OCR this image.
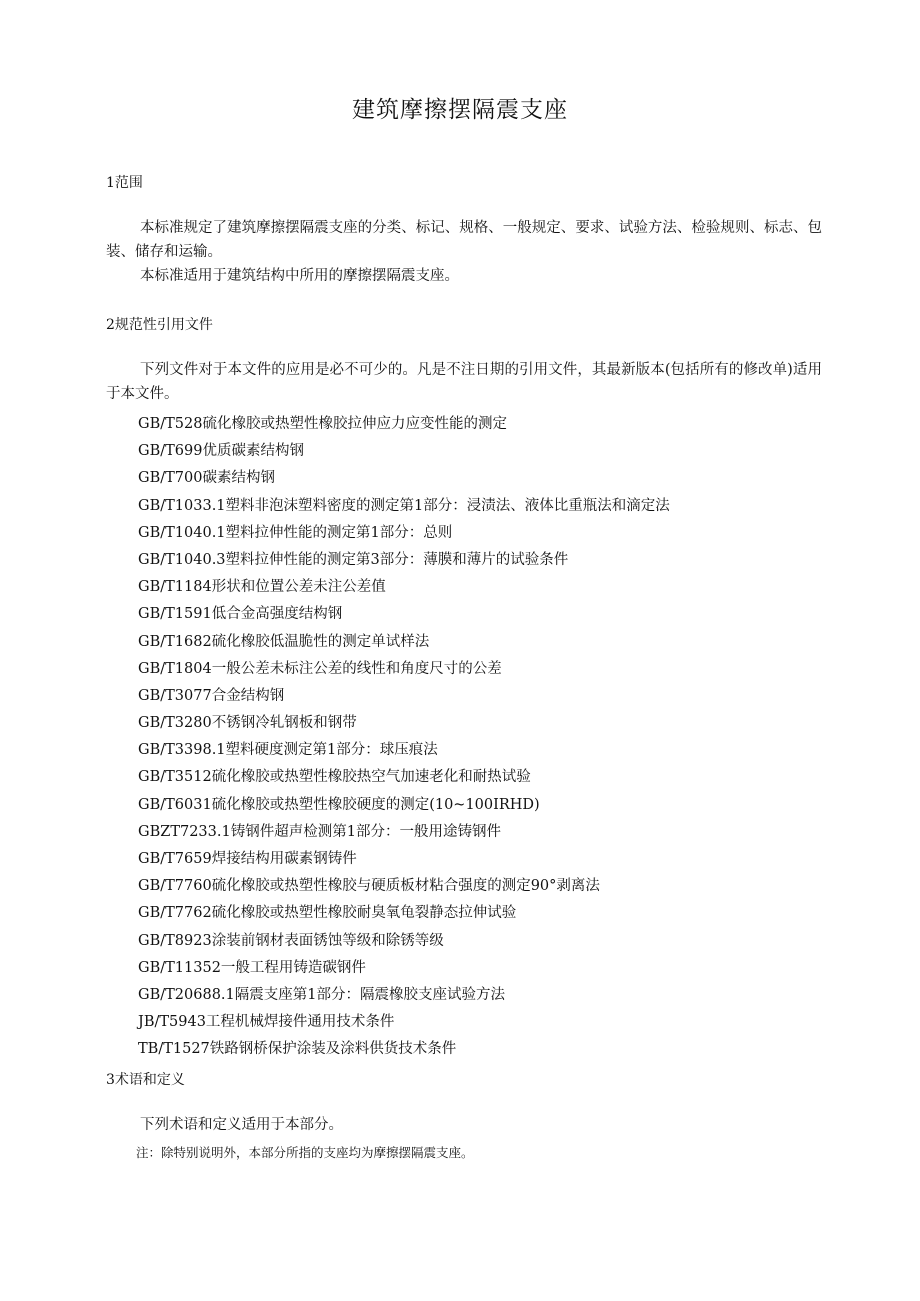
建筑摩擦摆隔震支座
1范围
本标准规定了建筑摩擦摆隔震支座的分类、标记、规格、一般规定、要求、试验方法、检验规则、标志、包装、储存和运输。
本标准适用于建筑结构中所用的摩擦摆隔震支座。
2规范性引用文件
下列文件对于本文件的应用是必不可少的。凡是不注日期的引用文件，其最新版本(包括所有的修改单)适用于本文件。
GB/T528硫化橡胶或热塑性橡胶拉伸应力应变性能的测定
GB/T699优质碳素结构钢
GB/T700碳素结构钢
GB/T1033.1塑料非泡沫塑料密度的测定第1部分：浸渍法、液体比重瓶法和滴定法
GB/T1040.1塑料拉伸性能的测定第1部分：总则
GB/T1040.3塑料拉伸性能的测定第3部分：薄膜和薄片的试验条件
GB/T1184形状和位置公差未注公差值
GB/T1591低合金高强度结构钢
GB/T1682硫化橡胶低温脆性的测定单试样法
GB/T1804一般公差未标注公差的线性和角度尺寸的公差
GB/T3077合金结构钢
GB/T3280不锈钢冷轧钢板和钢带
GB/T3398.1塑料硬度测定第1部分：球压痕法
GB/T3512硫化橡胶或热塑性橡胶热空气加速老化和耐热试验
GB/T6031硫化橡胶或热塑性橡胶硬度的测定(10~100IRHD)
GBZT7233.1铸钢件超声检测第1部分：一般用途铸钢件
GB/T7659焊接结构用碳素钢铸件
GB/T7760硫化橡胶或热塑性橡胶与硬质板材粘合强度的测定90°剥离法
GB/T7762硫化橡胶或热塑性橡胶耐臭氧龟裂静态拉伸试验
GB/T8923涂装前钢材表面锈蚀等级和除锈等级
GB/T11352一般工程用铸造碳钢件
GB/T20688.1隔震支座第1部分：隔震橡胶支座试验方法
JB/T5943工程机械焊接件通用技术条件
TB/T1527铁路钢桥保护涂装及涂料供货技术条件
3术语和定义
下列术语和定义适用于本部分。
注：除特别说明外，本部分所指的支座均为摩擦摆隔震支座。
